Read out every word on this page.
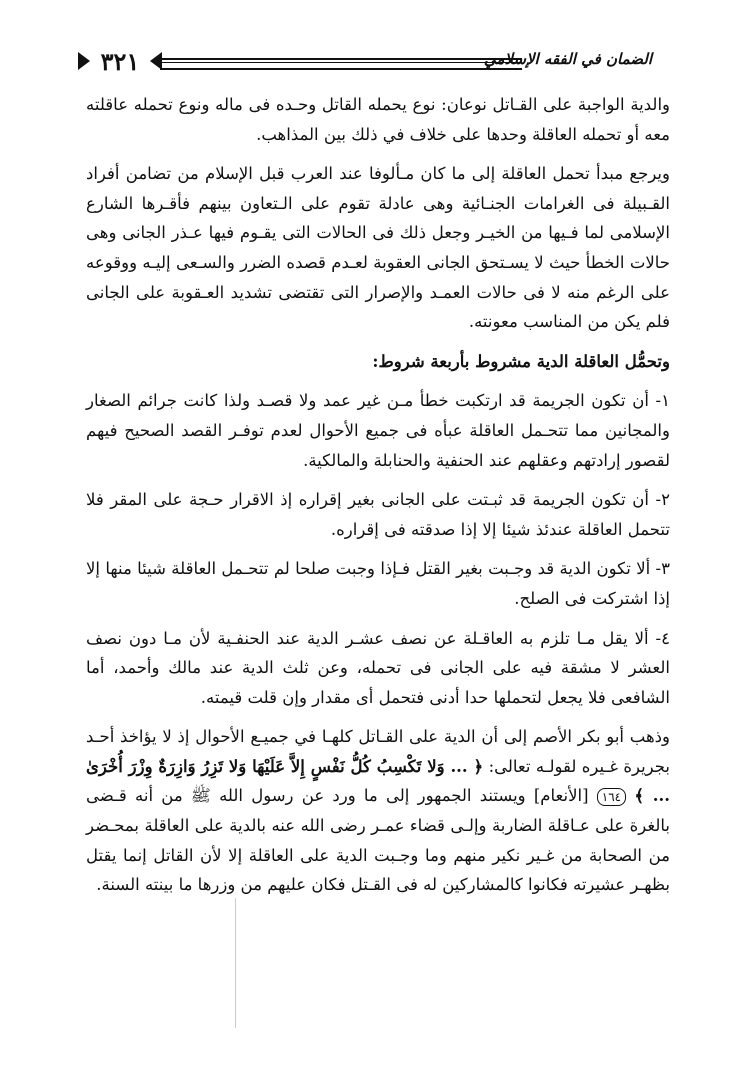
٣٢١	الضمان في الفقه الإسلامي

والدية الواجبة على القـاتل نوعان: نوع يحمله القاتل وحـده فى ماله ونوع تحمله عاقلته معه أو تحمله العاقلة وحدها على خلاف في ذلك بين المذاهب.

ويرجع مبدأ تحمل العاقلة إلى ما كان مـألوفا عند العرب قبل الإسلام من تضامن أفراد القـبيلة فى الغرامات الجنـائية وهى عادلة تقوم على الـتعاون بينهم فأقـرها الشارع الإسلامى لما فـيها من الخيـر وجعل ذلك فى الحالات التى يقـوم فيها عـذر الجانى وهى حالات الخطأ حيث لا يسـتحق الجانى العقوبة لعـدم قصده الضرر والسـعى إليـه ووقوعه على الرغم منه لا فى حالات العمـد والإصرار التى تقتضى تشديد العـقوبة على الجانى فلم يكن من المناسب معونته.

وتحمُّل العاقلة الدية مشروط بأربعة شروط:

١- أن تكون الجريمة قد ارتكبت خطأ مـن غير عمد ولا قصـد ولذا كانت جرائم الصغار والمجانين مما تتحـمل العاقلة عبأه فى جميع الأحوال لعدم توفـر القصد الصحيح فيهم لقصور إرادتهم وعقلهم عند الحنفية والحنابلة والمالكية.

٢- أن تكون الجريمة قد ثبـتت على الجانى بغير إقراره إذ الاقرار حـجة على المقر فلا تتحمل العاقلة عندئذ شيئا إلا إذا صدقته فى إقراره.

٣- ألا تكون الدية قد وجـبت بغير القتل فـإذا وجبت صلحا لم تتحـمل العاقلة شيئا منها إلا إذا اشتركت فى الصلح.

٤- ألا يقل مـا تلزم به العاقـلة عن نصف عشـر الدية عند الحنفـية لأن مـا دون نصف العشر لا مشقة فيه على الجانى فى تحمله، وعن ثلث الدية عند مالك وأحمد، أما الشافعى فلا يجعل لتحملها حدا أدنى فتحمل أى مقدار وإن قلت قيمته.

وذهب أبو بكر الأصم إلى أن الدية على القـاتل كلهـا في جميـع الأحوال إذ لا يؤاخذ أحـد بجريرة غـيره لقولـه تعالى: ﴿ ... وَلا تَكْسِبُ كُلُّ نَفْسٍ إِلاَّ عَلَيْهَا وَلا تَزِرُ وَازِرَةٌ وِزْرَ أُخْرَىٰ ... ﴾ ١٦٤ [الأنعام] ويستند الجمهور إلى ما ورد عن رسول الله ﷺ من أنه قـضى بالغرة على عـاقلة الضاربة وإلـى قضاء عمـر رضى الله عنه بالدية على العاقلة بمحـضر من الصحابة من غـير نكير منهم وما وجـبت الدية على العاقلة إلا لأن القاتل إنما يقتل بظهـر عشيرته فكانوا كالمشاركين له فى القـتل فكان عليهم من وزرها ما بينته السنة.
